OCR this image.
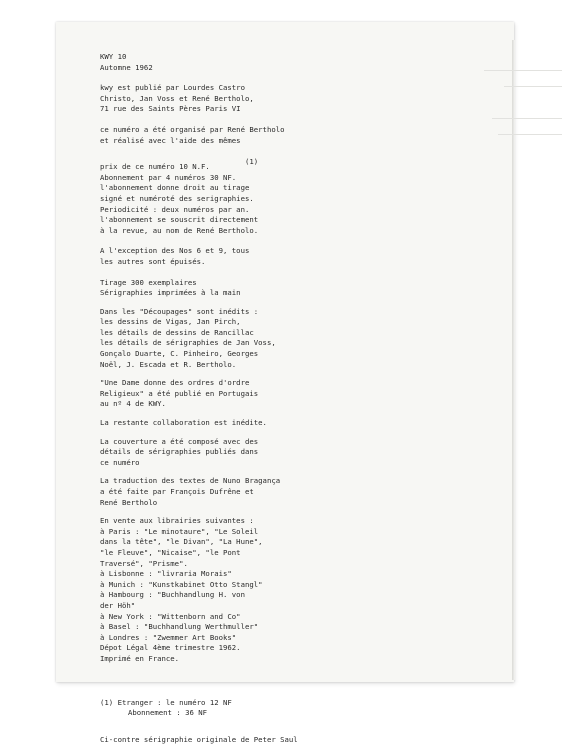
KWY 10
Automne 1962
kwy est publié par Lourdes Castro
Christo, Jan Voss et René Bertholo,
71 rue des Saints Pères Paris VI
ce numéro a été organisé par René Bertholo
et réalisé avec l'aide des mêmes
prix de ce numéro 10 N.F.
(1)
Abonnement par 4 numéros 30 NF.
l'abonnement donne droit au tirage
signé et numéroté des serigraphies.
Periodicité : deux numéros par an.
l'abonnement se souscrit directement
à la revue, au nom de René Bertholo.
A l'exception des Nos 6 et 9, tous
les autres sont épuisés.
Tirage 300 exemplaires
Sérigraphies imprimées à la main
Dans les "Découpages" sont inédits :
les dessins de Vigas, Jan Pirch,
les détails de dessins de Rancillac
les détails de sérigraphies de Jan Voss,
Gonçalo Duarte, C. Pinheiro, Georges
Noël, J. Escada et R. Bertholo.
"Une Dame donne des ordres d'ordre
Religieux" a été publié en Portugais
au nº 4 de KWY.
La restante collaboration est inédite.
La couverture a été composé avec des
détails de sérigraphies publiés dans
ce numéro
La traduction des textes de Nuno Bragança
a été faite par François Dufrêne et
René Bertholo
En vente aux librairies suivantes :
à Paris : "Le minotaure", "Le Soleil
dans la tête", "le Divan", "La Hune",
"le Fleuve", "Nicaise", "le Pont
Traversé", "Prisme".
à Lisbonne : "livraria Morais"
à Munich : "Kunstkabinet Otto Stangl"
à Hambourg : "Buchhandlung H. von
der Höh"
à New York : "Wittenborn and Co"
à Basel : "Buchhandlung Werthmuller"
à Londres : "Zwemmer Art Books"
Dépot Légal 4ème trimestre 1962.
Imprimé en France.
(1) Etranger : le numéro 12 NF
Abonnement : 36 NF
Ci-contre sérigraphie originale de Peter Saul
